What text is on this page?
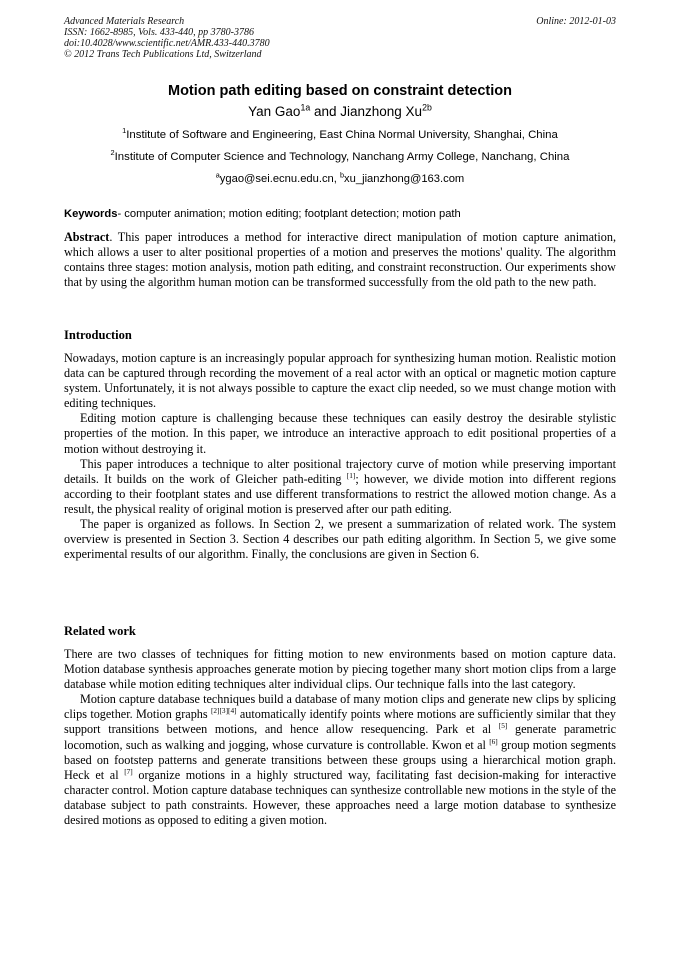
Advanced Materials Research
ISSN: 1662-8985, Vols. 433-440, pp 3780-3786
doi:10.4028/www.scientific.net/AMR.433-440.3780
© 2012 Trans Tech Publications Ltd, Switzerland
Online: 2012-01-03
Motion path editing based on constraint detection
Yan Gao$^{1a}$ and Jianzhong $Xu^{2b}$
$^1$Institute of Software and Engineering, East China Normal University, Shanghai, China
$^2$Institute of Computer Science and Technology, Nanchang Army College, Nanchang, China
$^a$ygao@sei.ecnu.edu.cn, $^b$xu_jianzhong@163.com
Keywords- computer animation; motion editing; footplant detection; motion path

Abstract. This paper introduces a method for interactive direct manipulation of motion capture animation, which allows a user to alter positional properties of a motion and preserves the motions' quality. The algorithm contains three stages: motion analysis, motion path editing, and constraint reconstruction. Our experiments show that by using the algorithm human motion can be transformed successfully from the old path to the new path.

Introduction

Nowadays, motion capture is an increasingly popular approach for synthesizing human motion. Realistic motion data can be captured through recording the movement of a real actor with an optical or magnetic motion capture system. Unfortunately, it is not always possible to capture the exact clip needed, so we must change motion with editing techniques.

Editing motion capture is challenging because these techniques can easily destroy the desirable stylistic properties of the motion. In this paper, we introduce an interactive approach to edit positional properties of a motion without destroying it.

This paper introduces a technique to alter positional trajectory curve of motion while preserving important details. It builds on the work of Gleicher path-editing [1]; however, we divide motion into different regions according to their footplant states and use different transformations to restrict the allowed motion change. As a result, the physical reality of original motion is preserved after our path editing.

The paper is organized as follows. In Section 2, we present a summarization of related work. The system overview is presented in Section 3. Section 4 describes our path editing algorithm. In Section 5, we give some experimental results of our algorithm. Finally, the conclusions are given in Section 6.

Related work

There are two classes of techniques for fitting motion to new environments based on motion capture data. Motion database synthesis approaches generate motion by piecing together many short motion clips from a large database while motion editing techniques alter individual clips. Our technique falls into the last category.

Motion capture database techniques build a database of many motion clips and generate new clips by splicing clips together. Motion graphs [2][3][4] automatically identify points where motions are sufficiently similar that they support transitions between motions, and hence allow resequencing. Park et al [5] generate parametric locomotion, such as walking and jogging, whose curvature is controllable. Kwon et al [6] group motion segments based on footstep patterns and generate transitions between these groups using a hierarchical motion graph. Heck et al [7] organize motions in a highly structured way, facilitating fast decision-making for interactive character control. Motion capture database techniques can synthesize controllable new motions in the style of the database subject to path constraints. However, these approaches need a large motion database to synthesize desired motions as opposed to editing a given motion.
